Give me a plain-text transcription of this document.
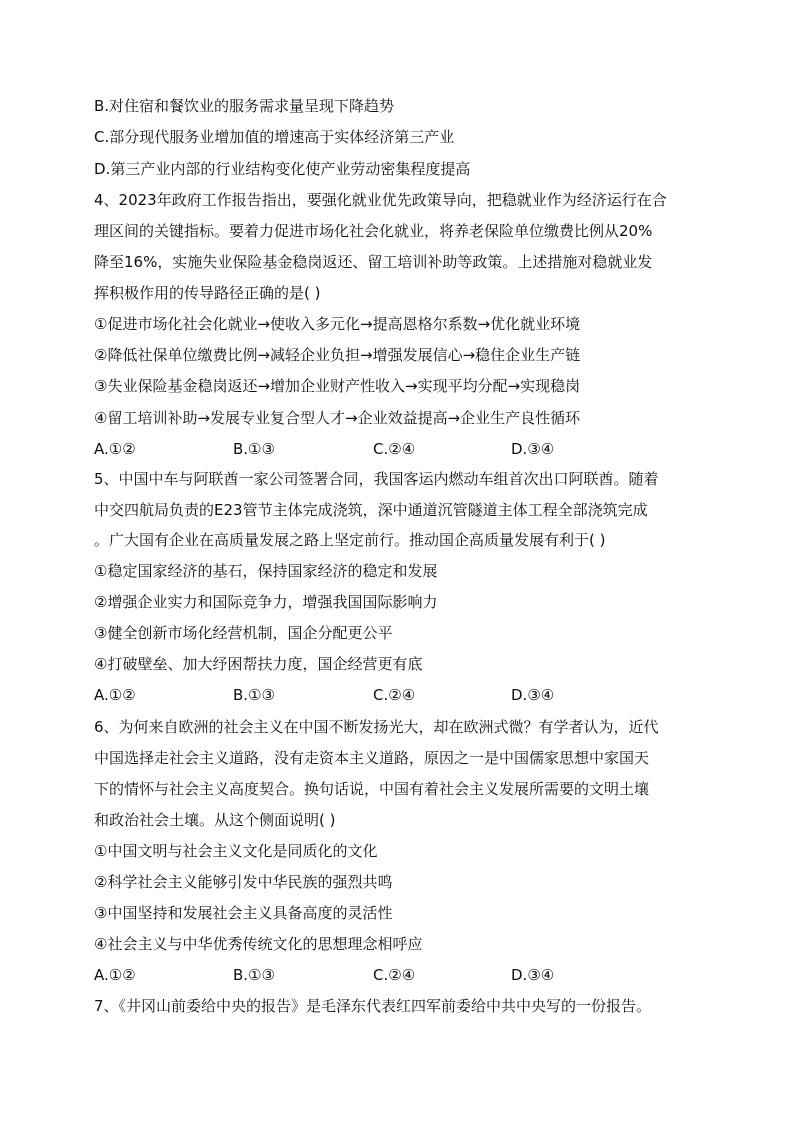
B.对住宿和餐饮业的服务需求量呈现下降趋势
C.部分现代服务业增加值的增速高于实体经济第三产业
D.第三产业内部的行业结构变化使产业劳动密集程度提高
4、2023年政府工作报告指出，要强化就业优先政策导向，把稳就业作为经济运行在合
理区间的关键指标。要着力促进市场化社会化就业，将养老保险单位缴费比例从20%
降至16%，实施失业保险基金稳岗返还、留工培训补助等政策。上述措施对稳就业发
挥积极作用的传导路径正确的是( )
①促进市场化社会化就业→使收入多元化→提高恩格尔系数→优化就业环境
②降低社保单位缴费比例→减轻企业负担→增强发展信心→稳住企业生产链
③失业保险基金稳岗返还→增加企业财产性收入→实现平均分配→实现稳岗
④留工培训补助→发展专业复合型人才→企业效益提高→企业生产良性循环
A.①②	B.①③	C.②④	D.③④
5、中国中车与阿联酋一家公司签署合同，我国客运内燃动车组首次出口阿联酋。随着
中交四航局负责的E23管节主体完成浇筑，深中通道沉管隧道主体工程全部浇筑完成
。广大国有企业在高质量发展之路上坚定前行。推动国企高质量发展有利于( )
①稳定国家经济的基石，保持国家经济的稳定和发展
②增强企业实力和国际竞争力，增强我国国际影响力
③健全创新市场化经营机制，国企分配更公平
④打破壁垒、加大纾困帮扶力度，国企经营更有底
A.①②	B.①③	C.②④	D.③④
6、为何来自欧洲的社会主义在中国不断发扬光大，却在欧洲式微？有学者认为，近代
中国选择走社会主义道路，没有走资本主义道路，原因之一是中国儒家思想中家国天
下的情怀与社会主义高度契合。换句话说，中国有着社会主义发展所需要的文明土壤
和政治社会土壤。从这个侧面说明( )
①中国文明与社会主义文化是同质化的文化
②科学社会主义能够引发中华民族的强烈共鸣
③中国坚持和发展社会主义具备高度的灵活性
④社会主义与中华优秀传统文化的思想理念相呼应
A.①②	B.①③	C.②④	D.③④
7、《井冈山前委给中央的报告》是毛泽东代表红四军前委给中共中央写的一份报告。
